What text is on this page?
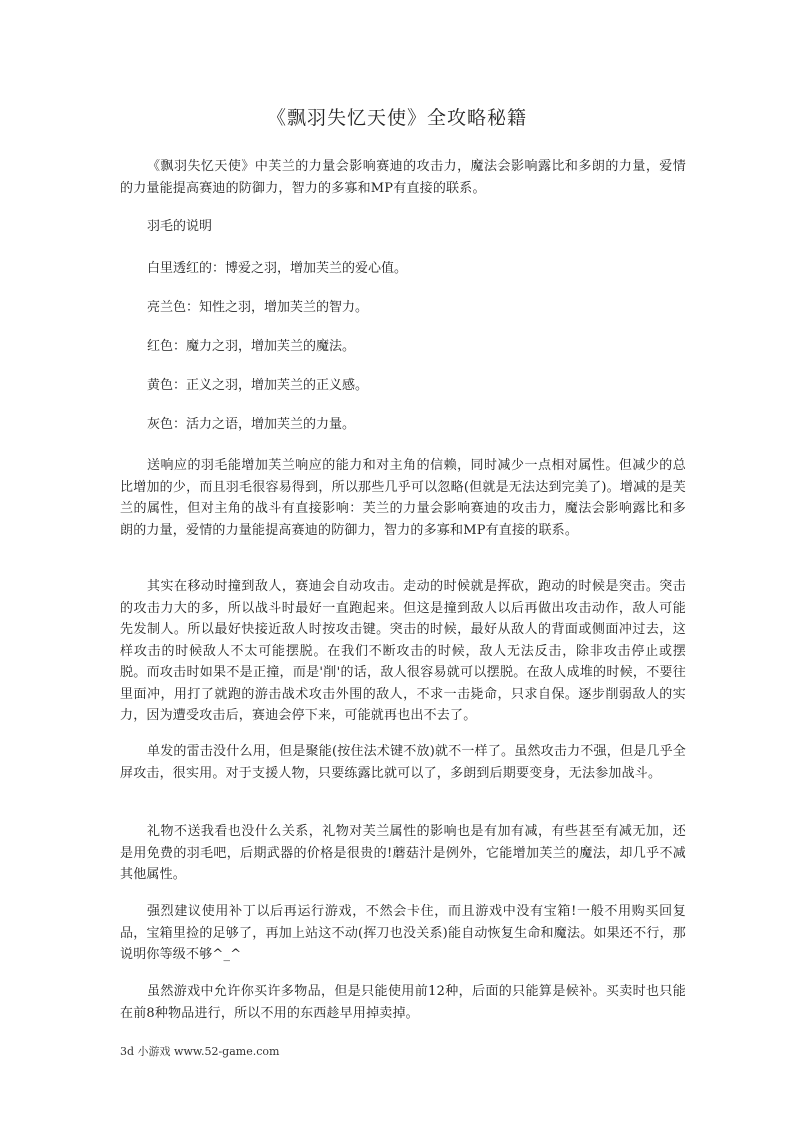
《飘羽失忆天使》全攻略秘籍

《飘羽失忆天使》中芙兰的力量会影响赛迪的攻击力，魔法会影响露比和多朗的力量，爱情的力量能提高赛迪的防御力，智力的多寡和MP有直接的联系。

羽毛的说明

白里透红的：博爱之羽，增加芙兰的爱心值。

亮兰色：知性之羽，增加芙兰的智力。

红色：魔力之羽，增加芙兰的魔法。

黄色：正义之羽，增加芙兰的正义感。

灰色：活力之语，增加芙兰的力量。

送响应的羽毛能增加芙兰响应的能力和对主角的信赖，同时减少一点相对属性。但减少的总比增加的少，而且羽毛很容易得到，所以那些几乎可以忽略(但就是无法达到完美了)。增减的是芙兰的属性，但对主角的战斗有直接影响：芙兰的力量会影响赛迪的攻击力，魔法会影响露比和多朗的力量，爱情的力量能提高赛迪的防御力，智力的多寡和MP有直接的联系。

其实在移动时撞到敌人，赛迪会自动攻击。走动的时候就是挥砍，跑动的时候是突击。突击的攻击力大的多，所以战斗时最好一直跑起来。但这是撞到敌人以后再做出攻击动作，敌人可能先发制人。所以最好快接近敌人时按攻击键。突击的时候，最好从敌人的背面或侧面冲过去，这样攻击的时候敌人不太可能摆脱。在我们不断攻击的时候，敌人无法反击，除非攻击停止或摆脱。而攻击时如果不是正撞，而是'削'的话，敌人很容易就可以摆脱。在敌人成堆的时候，不要往里面冲，用打了就跑的游击战术攻击外围的敌人，不求一击毙命，只求自保。逐步削弱敌人的实力，因为遭受攻击后，赛迪会停下来，可能就再也出不去了。

单发的雷击没什么用，但是聚能(按住法术键不放)就不一样了。虽然攻击力不强，但是几乎全屏攻击，很实用。对于支援人物，只要练露比就可以了，多朗到后期要变身，无法参加战斗。

礼物不送我看也没什么关系，礼物对芙兰属性的影响也是有加有减，有些甚至有减无加，还是用免费的羽毛吧，后期武器的价格是很贵的!蘑菇汁是例外，它能增加芙兰的魔法，却几乎不减其他属性。

强烈建议使用补丁以后再运行游戏，不然会卡住，而且游戏中没有宝箱!一般不用购买回复品，宝箱里捡的足够了，再加上站这不动(挥刀也没关系)能自动恢复生命和魔法。如果还不行，那说明你等级不够^_^

虽然游戏中允许你买许多物品，但是只能使用前12种，后面的只能算是候补。买卖时也只能在前8种物品进行，所以不用的东西趁早用掉卖掉。

3d 小游戏 www.52-game.com
